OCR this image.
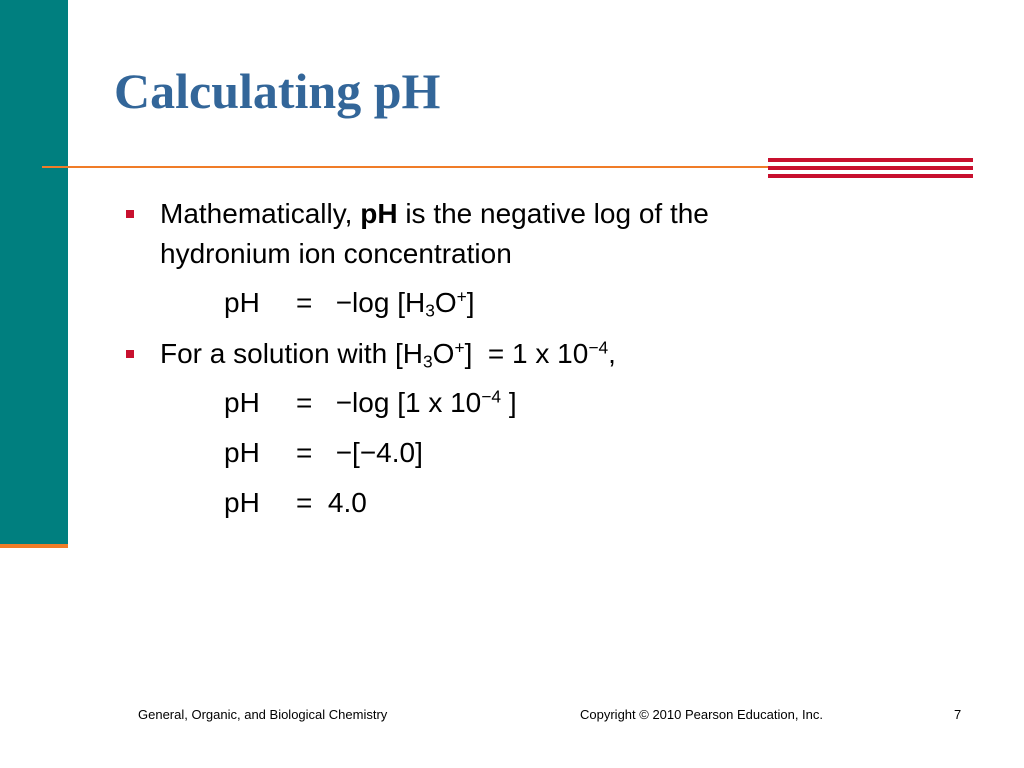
Calculating pH
Mathematically, pH is the negative log of the
hydronium ion concentration
pH = −log $[H_3O^+]$
For a solution with $[H_3O^+] = 1$ x $10^{-4}$,
pH = −log [1 x $10^{-4}$ ]
pH = −[−4.0]
pH = 4.0
General, Organic, and Biological Chemistry	Copyright © 2010 Pearson Education, Inc.	7
